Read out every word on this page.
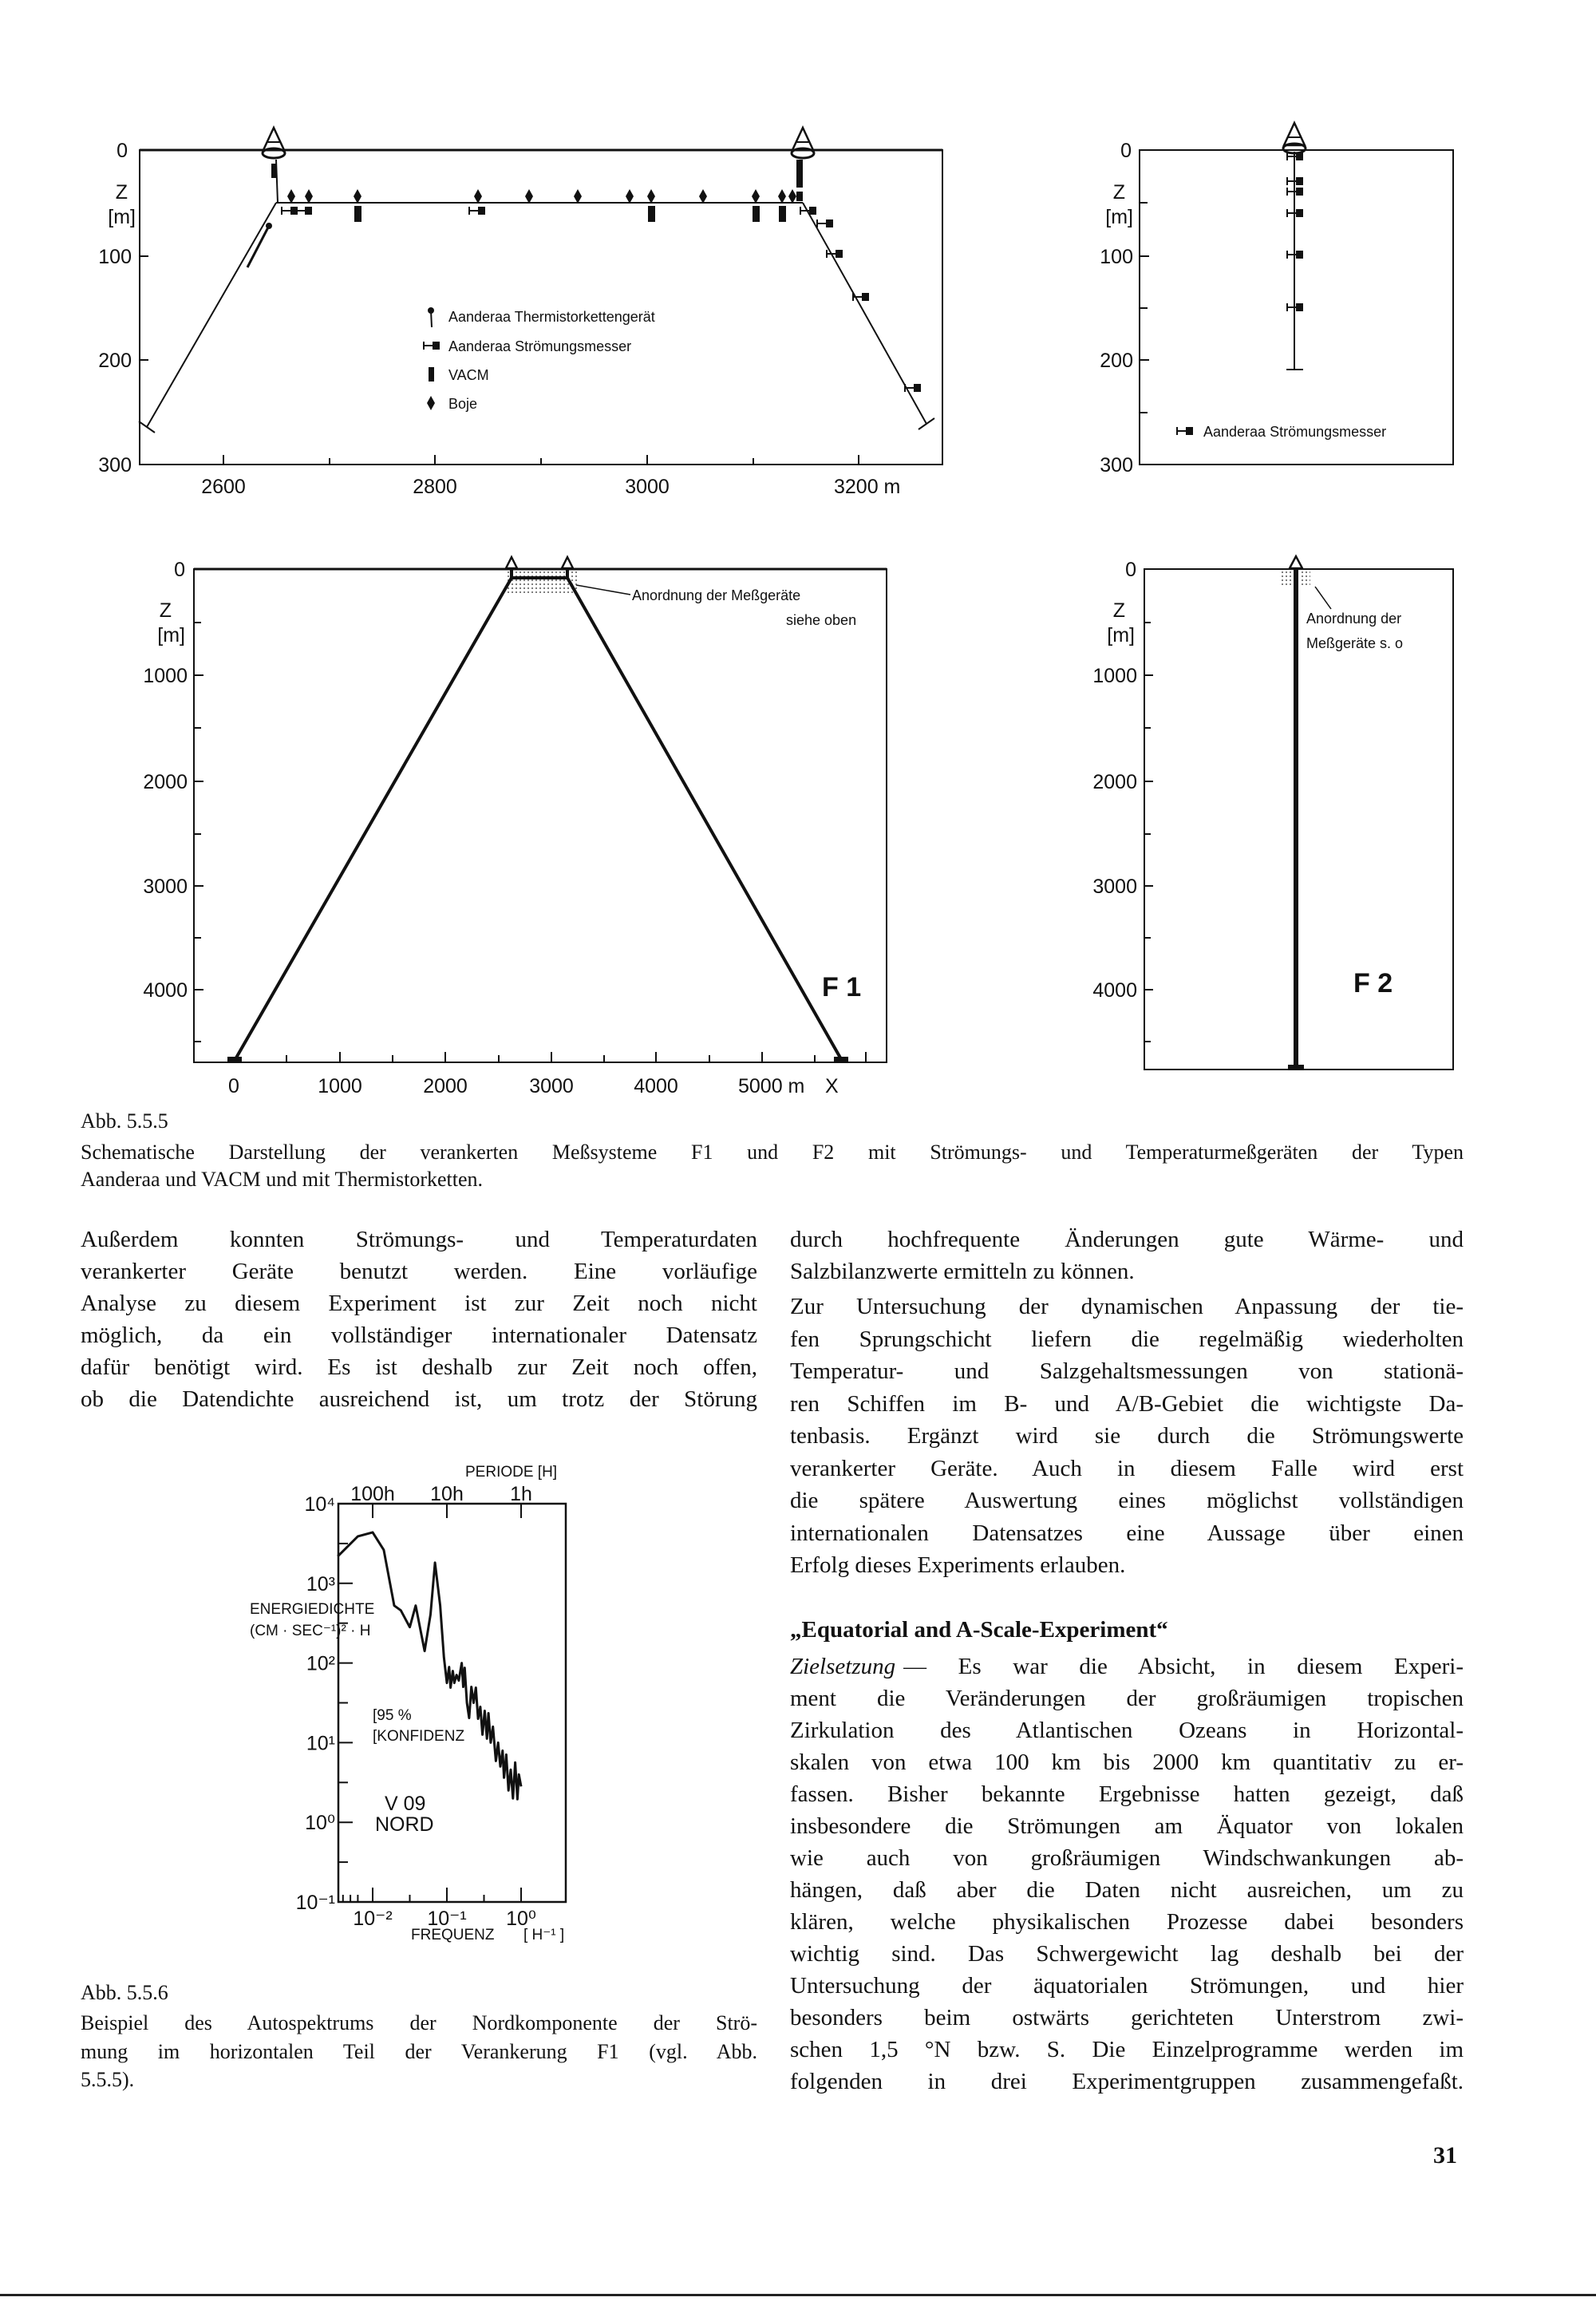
Aanderaa Thermistorkettengerät
Aanderaa Strömungsmesser
VACM
Boje
0
Z
[m]
100
200
300
2600	2800	3000	3200 m
Aanderaa Strömungsmesser
0
Z
[m]
100
200
300
Anordnung der Meßgeräte
siehe oben
F 1
0
Z
[m]
1000
2000
3000
4000
0	1000	2000	3000	4000	5000 m X
Anordnung der
Meßgeräte s. o
F 2
0
Z
[m]
1000
2000
3000
4000
10⁴
10³
10²
10¹
10⁰
10⁻¹
10⁻² 10⁻¹ 10⁰
100h 10h 1h
PERIODE [H]
ENERGIEDICHTE
(CM · SEC⁻¹)² · H
[95 %
[KONFIDENZ
V 09
NORD
FREQUENZ [ H⁻¹ ]
Abb. 5.5.5
Schematische Darstellung der verankerten Meßsysteme F1 und F2 mit Strömungs- und Temperaturmeßgeräten der Typen
Aanderaa und VACM und mit Thermistorketten.
Abb. 5.5.6
Beispiel des Autospektrums der Nordkomponente der Strö-
mung im horizontalen Teil der Verankerung F1 (vgl. Abb.
5.5.5).
Außerdem konnten Strömungs- und Temperaturdaten
verankerter Geräte benutzt werden. Eine vorläufige
Analyse zu diesem Experiment ist zur Zeit noch nicht
möglich, da ein vollständiger internationaler Datensatz
dafür benötigt wird. Es ist deshalb zur Zeit noch offen,
ob die Datendichte ausreichend ist, um trotz der Störung
durch hochfrequente Änderungen gute Wärme- und
Salzbilanzwerte ermitteln zu können.
Zur Untersuchung der dynamischen Anpassung der tie-
fen Sprungschicht liefern die regelmäßig wiederholten
Temperatur- und Salzgehaltsmessungen von stationä-
ren Schiffen im B- und A/B-Gebiet die wichtigste Da-
tenbasis. Ergänzt wird sie durch die Strömungswerte
verankerter Geräte. Auch in diesem Falle wird erst
die spätere Auswertung eines möglichst vollständigen
internationalen Datensatzes eine Aussage über einen
Erfolg dieses Experiments erlauben.
Zielsetzung — Es war die Absicht, in diesem Experi-
ment die Veränderungen der großräumigen tropischen
Zirkulation des Atlantischen Ozeans in Horizontal-
skalen von etwa 100 km bis 2000 km quantitativ zu er-
fassen. Bisher bekannte Ergebnisse hatten gezeigt, daß
insbesondere die Strömungen am Äquator von lokalen
wie auch von großräumigen Windschwankungen ab-
hängen, daß aber die Daten nicht ausreichen, um zu
klären, welche physikalischen Prozesse dabei besonders
wichtig sind. Das Schwergewicht lag deshalb bei der
Untersuchung der äquatorialen Strömungen, und hier
besonders beim ostwärts gerichteten Unterstrom zwi-
schen 1,5 °N bzw. S. Die Einzelprogramme werden im
folgenden in drei Experimentgruppen zusammengefaßt.
„Equatorial and A-Scale-Experiment“
31
